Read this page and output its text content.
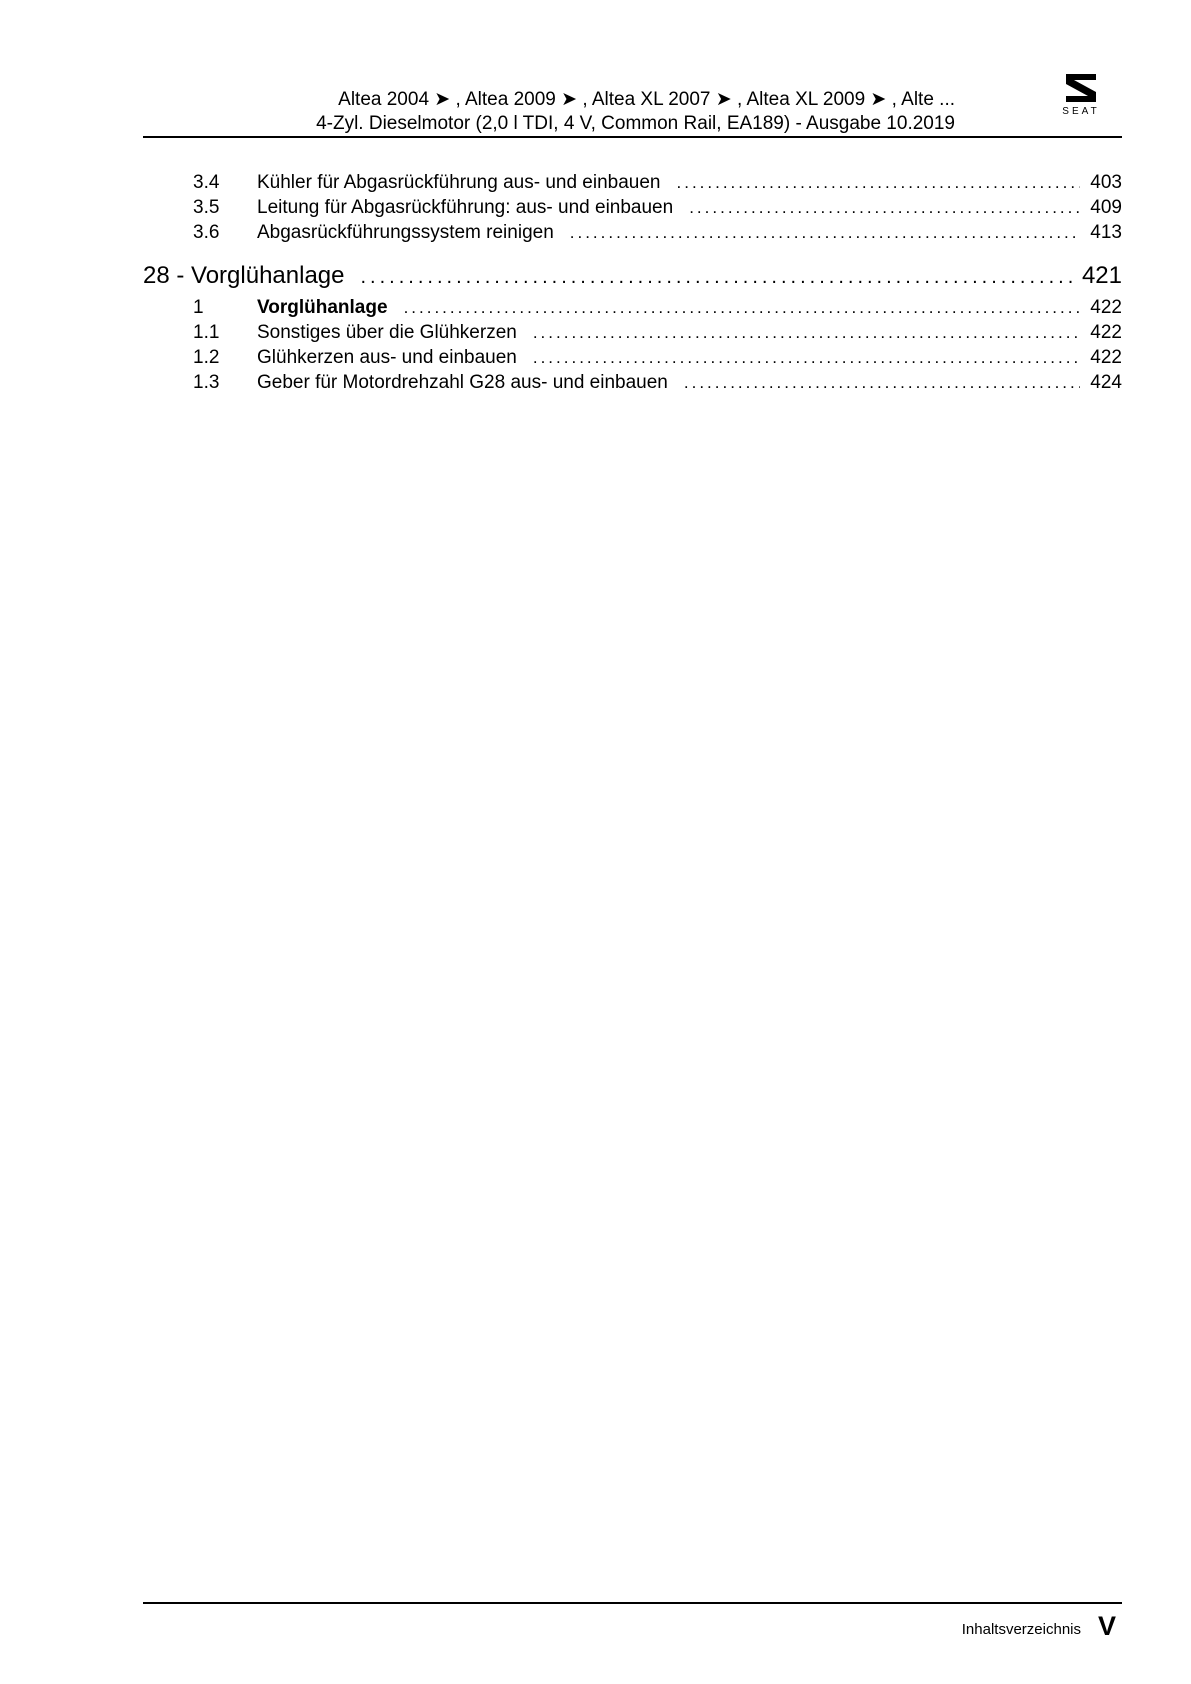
Altea 2004 ➤ , Altea 2009 ➤ , Altea XL 2007 ➤ , Altea XL 2009 ➤ , Alte ...
4-Zyl. Dieselmotor (2,0 l TDI, 4 V, Common Rail, EA189) - Ausgabe 10.2019
SEAT
3.4	Kühler für Abgasrückführung aus- und einbauen .....	403
3.5	Leitung für Abgasrückführung: aus- und einbauen .....	409
3.6	Abgasrückführungssystem reinigen .....	413
28 - Vorglühanlage .....	421
1	Vorglühanlage .....	422
1.1	Sonstiges über die Glühkerzen .....	422
1.2	Glühkerzen aus- und einbauen .....	422
1.3	Geber für Motordrehzahl G28 aus- und einbauen .....	424
Inhaltsverzeichnis V
